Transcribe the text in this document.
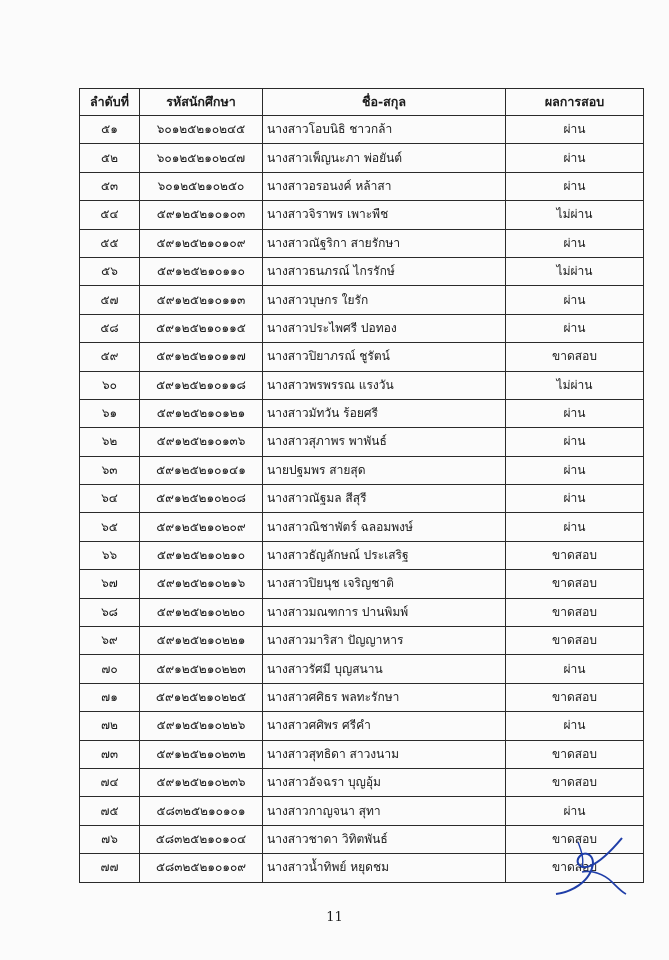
ลำดับที่	รหัสนักศึกษา	ชื่อ-สกุล	ผลการสอบ
๕๑	๖๐๑๒๕๒๑๐๒๔๕	นางสาวโอบนิธิ ชาวกล้า	ผ่าน
๕๒	๖๐๑๒๕๒๑๐๒๔๗	นางสาวเพ็ญนะภา พ่อยันต์	ผ่าน
๕๓	๖๐๑๒๕๒๑๐๒๕๐	นางสาวอรอนงค์ หล้าสา	ผ่าน
๕๔	๕๙๑๒๕๒๑๐๑๐๓	นางสาวจิราพร เพาะพืช	ไม่ผ่าน
๕๕	๕๙๑๒๕๒๑๐๑๐๙	นางสาวณัฐริกา สายรักษา	ผ่าน
๕๖	๕๙๑๒๕๒๑๐๑๑๐	นางสาวธนภรณ์ ไกรรักษ์	ไม่ผ่าน
๕๗	๕๙๑๒๕๒๑๐๑๑๓	นางสาวบุษกร ใยรัก	ผ่าน
๕๘	๕๙๑๒๕๒๑๐๑๑๕	นางสาวประไพศรี ปอทอง	ผ่าน
๕๙	๕๙๑๒๕๒๑๐๑๑๗	นางสาวปิยาภรณ์ ชูรัตน์	ขาดสอบ
๖๐	๕๙๑๒๕๒๑๐๑๑๘	นางสาวพรพรรณ แรงวัน	ไม่ผ่าน
๖๑	๕๙๑๒๕๒๑๐๑๒๑	นางสาวมัทวัน ร้อยศรี	ผ่าน
๖๒	๕๙๑๒๕๒๑๐๑๓๖	นางสาวสุภาพร พาพันธ์	ผ่าน
๖๓	๕๙๑๒๕๒๑๐๑๔๑	นายปฐมพร สายสุด	ผ่าน
๖๔	๕๙๑๒๕๒๑๐๒๐๘	นางสาวณัฐมล สีสุรี	ผ่าน
๖๕	๕๙๑๒๕๒๑๐๒๐๙	นางสาวณิชาพัตร์ ฉลอมพงษ์	ผ่าน
๖๖	๕๙๑๒๕๒๑๐๒๑๐	นางสาวธัญลักษณ์ ประเสริฐ	ขาดสอบ
๖๗	๕๙๑๒๕๒๑๐๒๑๖	นางสาวปิยนุช เจริญชาติ	ขาดสอบ
๖๘	๕๙๑๒๕๒๑๐๒๒๐	นางสาวมณฑการ ปานพิมพ์	ขาดสอบ
๖๙	๕๙๑๒๕๒๑๐๒๒๑	นางสาวมาริสา ปัญญาหาร	ขาดสอบ
๗๐	๕๙๑๒๕๒๑๐๒๒๓	นางสาวรัศมี บุญสนาน	ผ่าน
๗๑	๕๙๑๒๕๒๑๐๒๒๕	นางสาวศศิธร พลทะรักษา	ขาดสอบ
๗๒	๕๙๑๒๕๒๑๐๒๒๖	นางสาวศศิพร ศรีคำ	ผ่าน
๗๓	๕๙๑๒๕๒๑๐๒๓๒	นางสาวสุทธิดา สาวงนาม	ขาดสอบ
๗๔	๕๙๑๒๕๒๑๐๒๓๖	นางสาวอัจฉรา บุญอุ้ม	ขาดสอบ
๗๕	๕๘๓๒๕๒๑๐๑๐๑	นางสาวกาญจนา สุทา	ผ่าน
๗๖	๕๘๓๒๕๒๑๐๑๐๔	นางสาวชาดา วิทิตพันธ์	ขาดสอบ
๗๗	๕๘๓๒๕๒๑๐๑๐๙	นางสาวน้ำทิพย์ หยุดชม	ขาดสอบ
11
